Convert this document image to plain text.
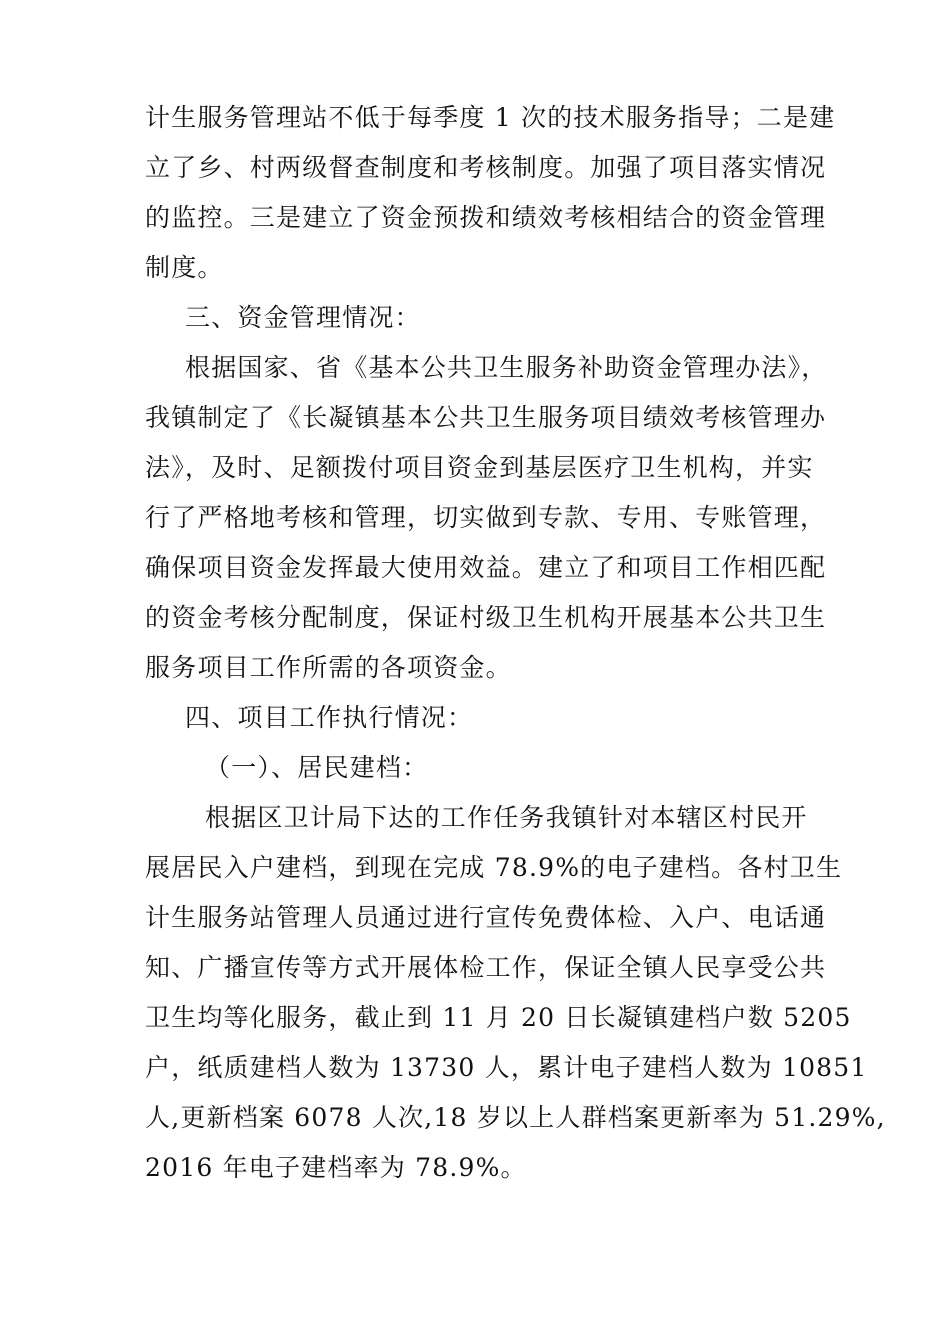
计生服务管理站不低于每季度 1 次的技术服务指导；二是建
立了乡、村两级督查制度和考核制度。加强了项目落实情况
的监控。三是建立了资金预拨和绩效考核相结合的资金管理
制度。
三、资金管理情况：
根据国家、省《基本公共卫生服务补助资金管理办法》，
我镇制定了《长凝镇基本公共卫生服务项目绩效考核管理办
法》，及时、足额拨付项目资金到基层医疗卫生机构，并实
行了严格地考核和管理，切实做到专款、专用、专账管理，
确保项目资金发挥最大使用效益。建立了和项目工作相匹配
的资金考核分配制度，保证村级卫生机构开展基本公共卫生
服务项目工作所需的各项资金。
四、项目工作执行情况：
（一）、居民建档：
根据区卫计局下达的工作任务我镇针对本辖区村民开
展居民入户建档，到现在完成 78.9%的电子建档。各村卫生
计生服务站管理人员通过进行宣传免费体检、入户、电话通
知、广播宣传等方式开展体检工作，保证全镇人民享受公共
卫生均等化服务，截止到 11 月 20 日长凝镇建档户数 5205
户，纸质建档人数为 13730 人，累计电子建档人数为 10851
人,更新档案 6078 人次,18 岁以上人群档案更新率为 51.29%,
2016 年电子建档率为 78.9%。
